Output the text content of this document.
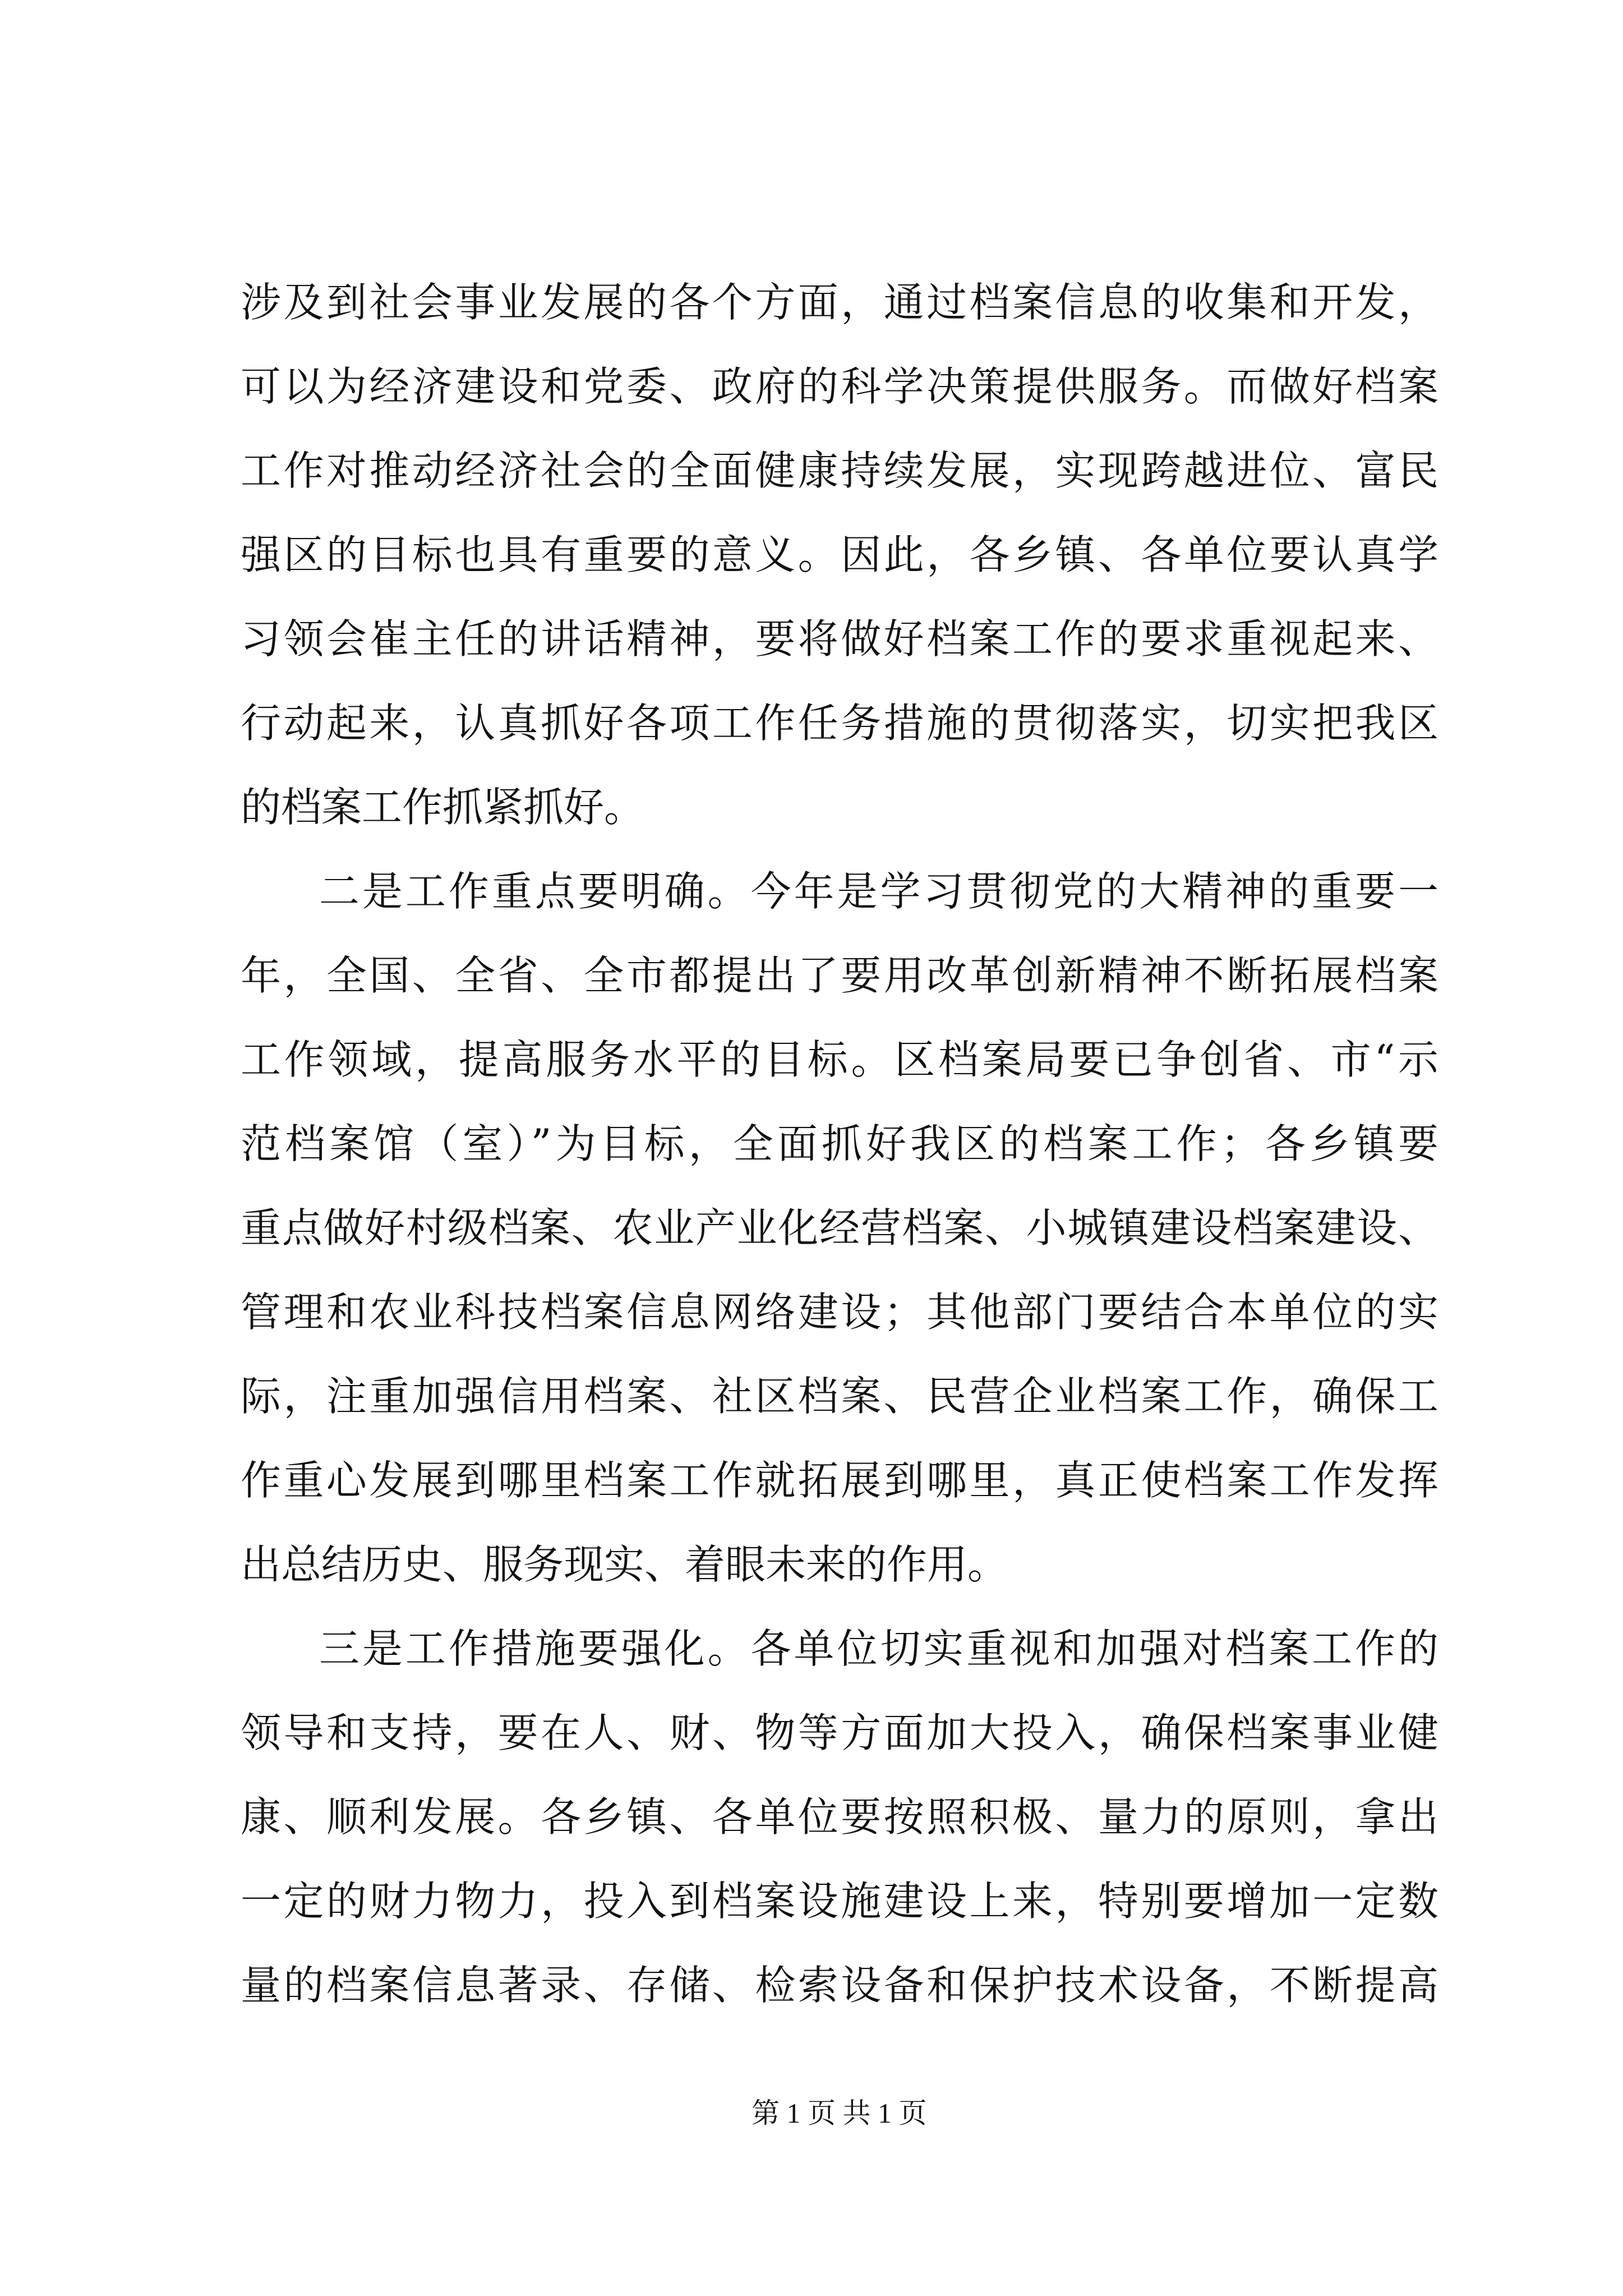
涉及到社会事业发展的各个方面，通过档案信息的收集和开发，
可以为经济建设和党委、政府的科学决策提供服务。而做好档案
工作对推动经济社会的全面健康持续发展，实现跨越进位、富民
强区的目标也具有重要的意义。因此，各乡镇、各单位要认真学
习领会崔主任的讲话精神，要将做好档案工作的要求重视起来、
行动起来，认真抓好各项工作任务措施的贯彻落实，切实把我区
的档案工作抓紧抓好。
二是工作重点要明确。今年是学习贯彻党的大精神的重要一
年，全国、全省、全市都提出了要用改革创新精神不断拓展档案
工作领域，提高服务水平的目标。区档案局要已争创省、市“示
范档案馆（室）”为目标，全面抓好我区的档案工作；各乡镇要
重点做好村级档案、农业产业化经营档案、小城镇建设档案建设、
管理和农业科技档案信息网络建设；其他部门要结合本单位的实
际，注重加强信用档案、社区档案、民营企业档案工作，确保工
作重心发展到哪里档案工作就拓展到哪里，真正使档案工作发挥
出总结历史、服务现实、着眼未来的作用。
三是工作措施要强化。各单位切实重视和加强对档案工作的
领导和支持，要在人、财、物等方面加大投入，确保档案事业健
康、顺利发展。各乡镇、各单位要按照积极、量力的原则，拿出
一定的财力物力，投入到档案设施建设上来，特别要增加一定数
量的档案信息著录、存储、检索设备和保护技术设备，不断提高
第 1 页 共 1 页
